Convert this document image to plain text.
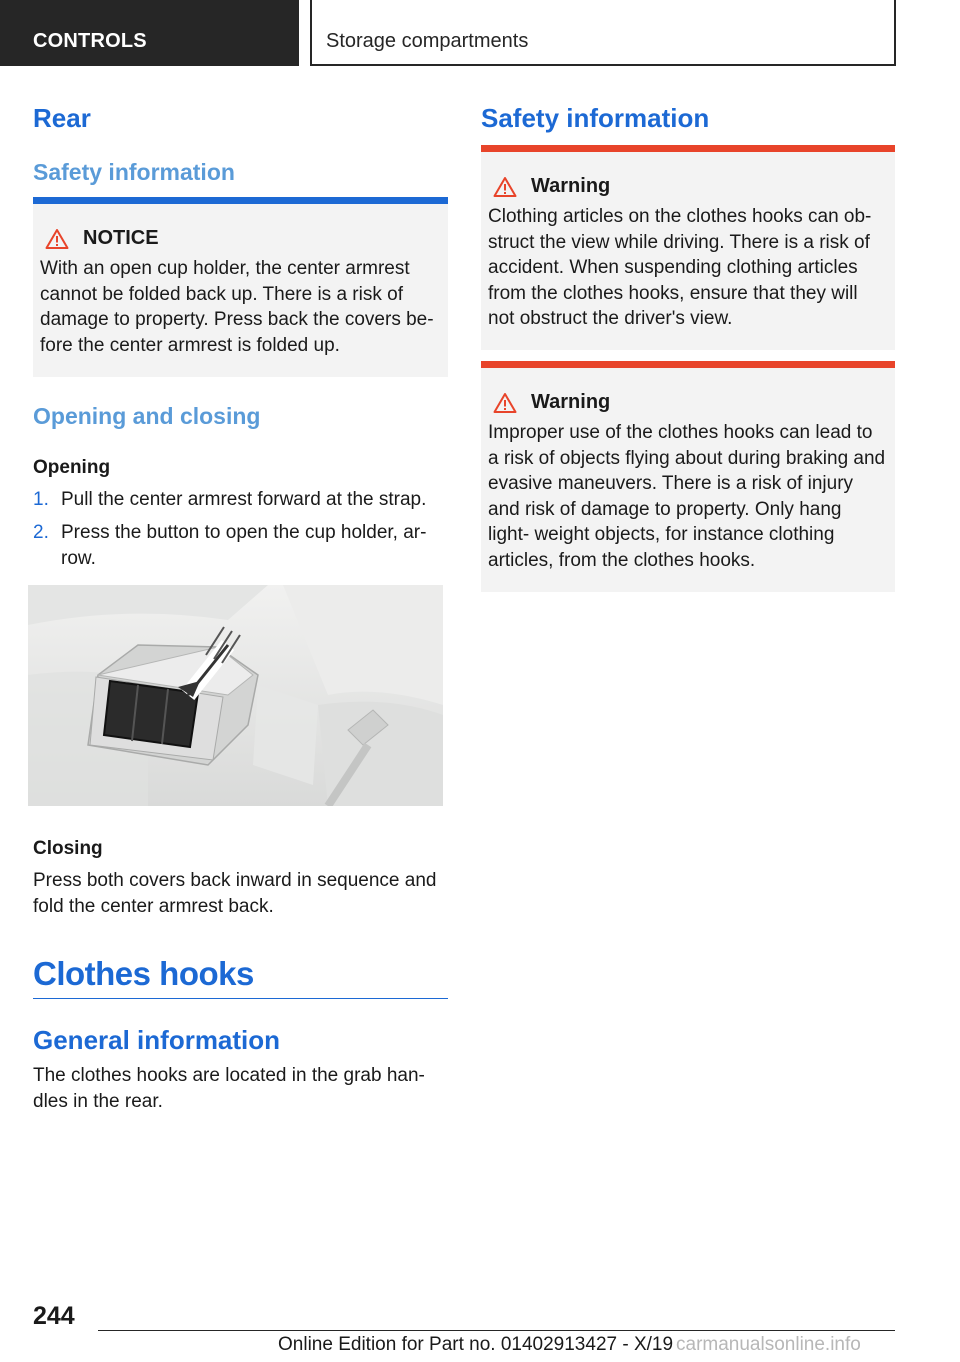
CONTROLS	Storage compartments
Rear
Safety information
NOTICE
With an open cup holder, the center armrest cannot be folded back up. There is a risk of damage to property. Press back the covers be‑ fore the center armrest is folded up.
Opening and closing
Opening
1. Pull the center armrest forward at the strap.
2. Press the button to open the cup holder, ar‑ row.
Closing
Press both covers back inward in sequence and fold the center armrest back.
Clothes hooks
General information
The clothes hooks are located in the grab han‑ dles in the rear.
Safety information
Warning
Clothing articles on the clothes hooks can ob‑ struct the view while driving. There is a risk of accident. When suspending clothing articles from the clothes hooks, ensure that they will not obstruct the driver's view.
Warning
Improper use of the clothes hooks can lead to a risk of objects flying about during braking and evasive maneuvers. There is a risk of injury and risk of damage to property. Only hang light‑ weight objects, for instance clothing articles, from the clothes hooks.
244
Online Edition for Part no. 01402913427 - X/19 carmanualsonline.info
